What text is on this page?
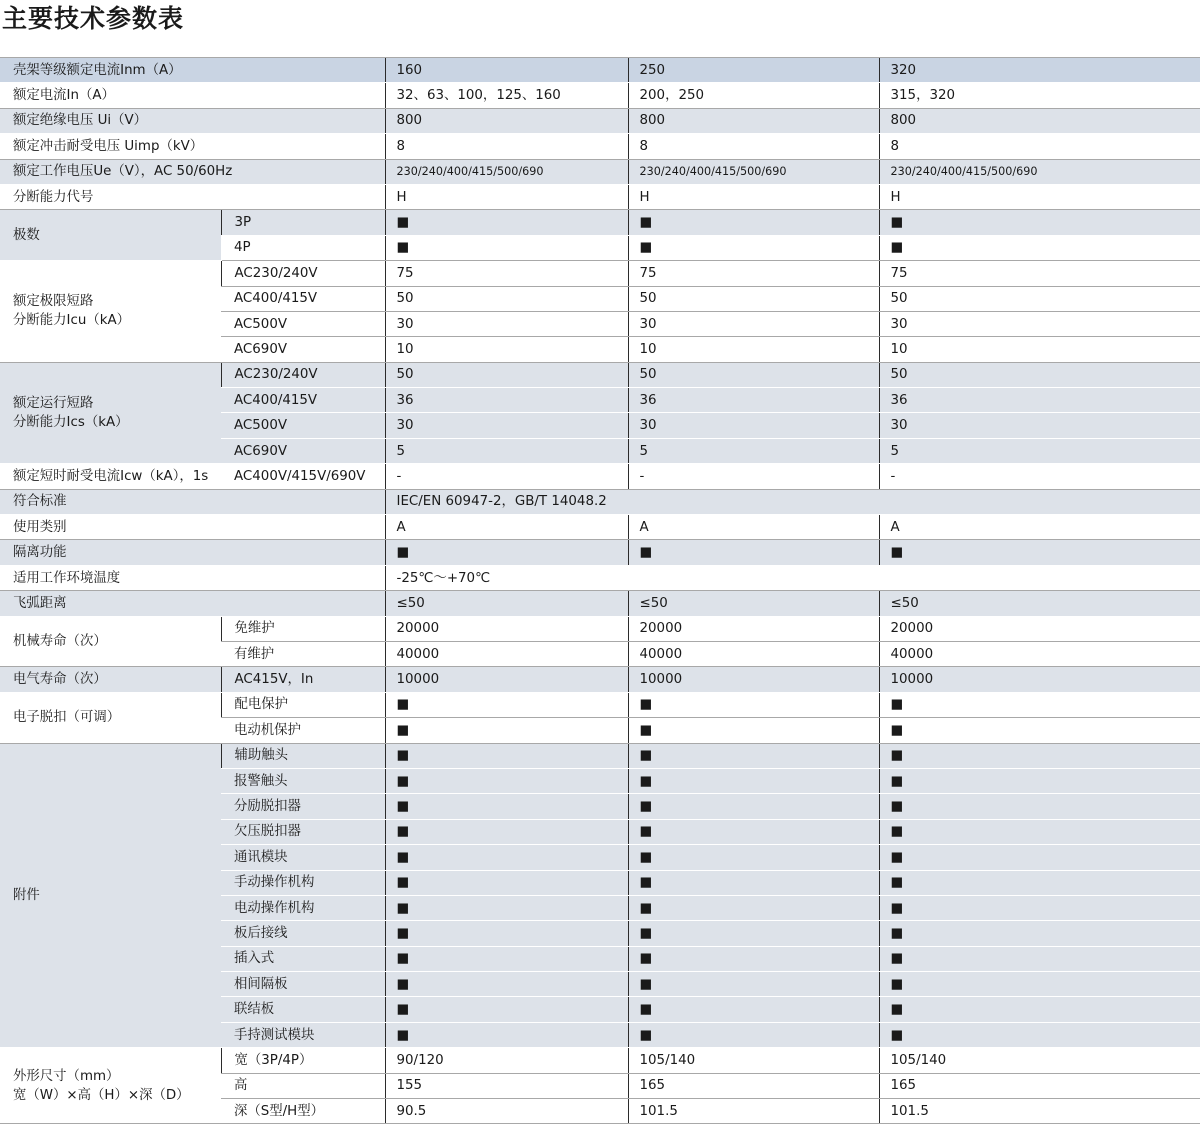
主要技术参数表
壳架等级额定电流Inm（A）		160	250	320
额定电流In（A）		32、63、100，125、160	200，250	315，320
额定绝缘电压 Ui（V）		800	800	800
额定冲击耐受电压 Uimp（kV）		8	8	8
额定工作电压Ue（V），AC 50/60Hz		230/240/400/415/500/690	230/240/400/415/500/690	230/240/400/415/500/690
分断能力代号		H	H	H
极数	3P	■	■	■
	4P	■	■	■
额定极限短路
分断能力Icu（kA）	AC230/240V	75	75	75
	AC400/415V	50	50	50
	AC500V	30	30	30
	AC690V	10	10	10
额定运行短路
分断能力Ics（kA）	AC230/240V	50	50	50
	AC400/415V	36	36	36
	AC500V	30	30	30
	AC690V	5	5	5
额定短时耐受电流Icw（kA），1s	AC400V/415V/690V	-	-	-
符合标准		IEC/EN 60947-2，GB/T 14048.2		
使用类别		A	A	A
隔离功能		■	■	■
适用工作环境温度		-25℃～+70℃		
飞弧距离		≤50	≤50	≤50
机械寿命（次）	免维护	20000	20000	20000
	有维护	40000	40000	40000
电气寿命（次）	AC415V，In	10000	10000	10000
电子脱扣（可调）	配电保护	■	■	■
	电动机保护	■	■	■
附件	辅助触头	■	■	■
	报警触头	■	■	■
	分励脱扣器	■	■	■
	欠压脱扣器	■	■	■
	通讯模块	■	■	■
	手动操作机构	■	■	■
	电动操作机构	■	■	■
	板后接线	■	■	■
	插入式	■	■	■
	相间隔板	■	■	■
	联结板	■	■	■
	手持测试模块	■	■	■
外形尺寸（mm）
宽（W）×高（H）×深（D）	宽（3P/4P）	90/120	105/140	105/140
	高	155	165	165
	深（S型/H型）	90.5	101.5	101.5
